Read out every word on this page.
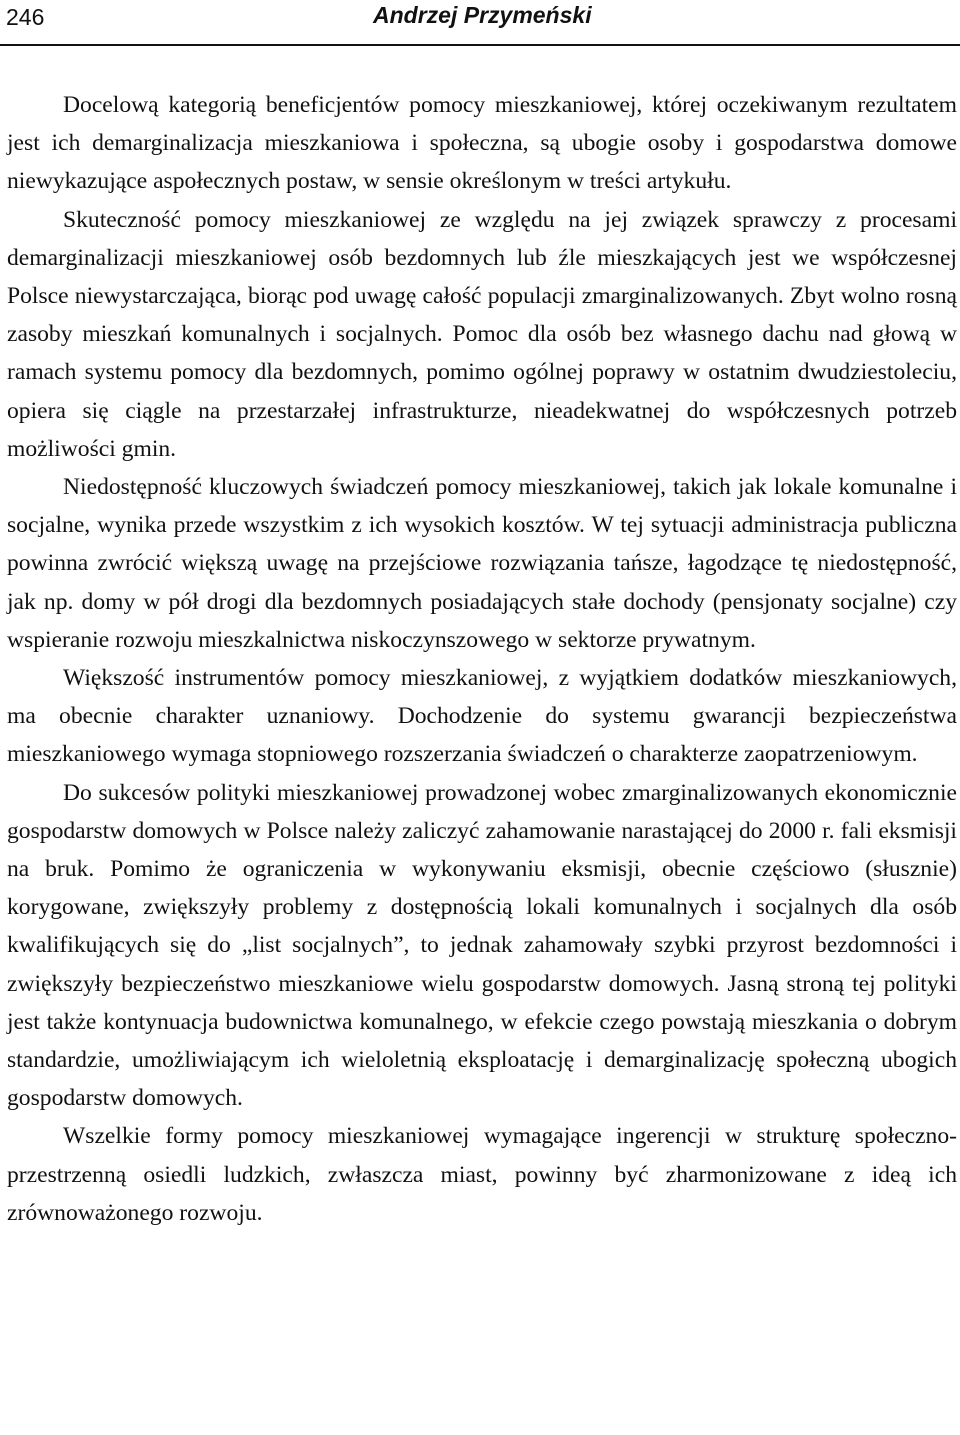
246	Andrzej Przymeński

Docelową kategorią beneficjentów pomocy mieszkaniowej, której oczekiwanym rezultatem jest ich demarginalizacja mieszkaniowa i społeczna, są ubogie osoby i gospodarstwa domowe niewykazujące aspołecznych postaw, w sensie określonym w treści artykułu.

Skuteczność pomocy mieszkaniowej ze względu na jej związek sprawczy z procesami demarginalizacji mieszkaniowej osób bezdomnych lub źle mieszkających jest we współczesnej Polsce niewystarczająca, biorąc pod uwagę całość populacji zmarginalizowanych. Zbyt wolno rosną zasoby mieszkań komunalnych i socjalnych. Pomoc dla osób bez własnego dachu nad głową w ramach systemu pomocy dla bezdomnych, pomimo ogólnej poprawy w ostatnim dwudziestoleciu, opiera się ciągle na przestarzałej infrastrukturze, nieadekwatnej do współczesnych potrzeb możliwości gmin.

Niedostępność kluczowych świadczeń pomocy mieszkaniowej, takich jak lokale komunalne i socjalne, wynika przede wszystkim z ich wysokich kosztów. W tej sytuacji administracja publiczna powinna zwrócić większą uwagę na przejściowe rozwiązania tańsze, łagodzące tę niedostępność, jak np. domy w pół drogi dla bezdomnych posiadających stałe dochody (pensjonaty socjalne) czy wspieranie rozwoju mieszkalnictwa niskoczynszowego w sektorze prywatnym.

Większość instrumentów pomocy mieszkaniowej, z wyjątkiem dodatków mieszkaniowych, ma obecnie charakter uznaniowy. Dochodzenie do systemu gwarancji bezpieczeństwa mieszkaniowego wymaga stopniowego rozszerzania świadczeń o charakterze zaopatrzeniowym.

Do sukcesów polityki mieszkaniowej prowadzonej wobec zmarginalizowanych ekonomicznie gospodarstw domowych w Polsce należy zaliczyć zahamowanie narastającej do 2000 r. fali eksmisji na bruk. Pomimo że ograniczenia w wykonywaniu eksmisji, obecnie częściowo (słusznie) korygowane, zwiększyły problemy z dostępnością lokali komunalnych i socjalnych dla osób kwalifikujących się do „list socjalnych”, to jednak zahamowały szybki przyrost bezdomności i zwiększyły bezpieczeństwo mieszkaniowe wielu gospodarstw domowych. Jasną stroną tej polityki jest także kontynuacja budownictwa komunalnego, w efekcie czego powstają mieszkania o dobrym standardzie, umożliwiającym ich wieloletnią eksploatację i demarginalizację społeczną ubogich gospodarstw domowych.

Wszelkie formy pomocy mieszkaniowej wymagające ingerencji w strukturę społeczno-przestrzenną osiedli ludzkich, zwłaszcza miast, powinny być zharmonizowane z ideą ich zrównoważonego rozwoju.
